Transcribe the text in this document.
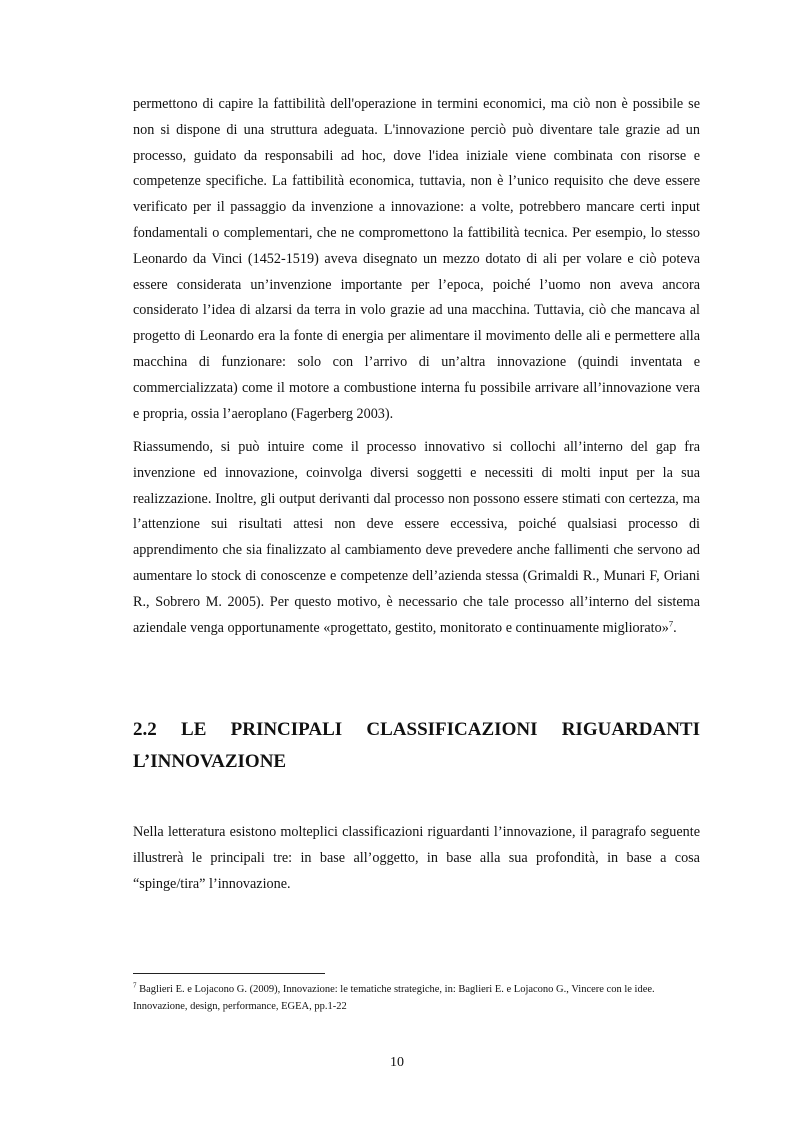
permettono di capire la fattibilità dell'operazione in termini economici, ma ciò non è possibile se non si dispone di una struttura adeguata. L'innovazione perciò può diventare tale grazie ad un processo, guidato da responsabili ad hoc, dove l'idea iniziale viene combinata con risorse e competenze specifiche. La fattibilità economica, tuttavia, non è l’unico requisito che deve essere verificato per il passaggio da invenzione a innovazione: a volte, potrebbero mancare certi input fondamentali o complementari, che ne compromettono la fattibilità tecnica. Per esempio, lo stesso Leonardo da Vinci (1452-1519) aveva disegnato un mezzo dotato di ali per volare e ciò poteva essere considerata un’invenzione importante per l’epoca, poiché l’uomo non aveva ancora considerato l’idea di alzarsi da terra in volo grazie ad una macchina. Tuttavia, ciò che mancava al progetto di Leonardo era la fonte di energia per alimentare il movimento delle ali e permettere alla macchina di funzionare: solo con l’arrivo di un’altra innovazione (quindi inventata e commercializzata) come il motore a combustione interna fu possibile arrivare all’innovazione vera e propria, ossia l’aeroplano (Fagerberg 2003).

Riassumendo, si può intuire come il processo innovativo si collochi all’interno del gap fra invenzione ed innovazione, coinvolga diversi soggetti e necessiti di molti input per la sua realizzazione. Inoltre, gli output derivanti dal processo non possono essere stimati con certezza, ma l’attenzione sui risultati attesi non deve essere eccessiva, poiché qualsiasi processo di apprendimento che sia finalizzato al cambiamento deve prevedere anche fallimenti che servono ad aumentare lo stock di conoscenze e competenze dell’azienda stessa (Grimaldi R., Munari F, Oriani R., Sobrero M. 2005). Per questo motivo, è necessario che tale processo all’interno del sistema aziendale venga opportunamente «progettato, gestito, monitorato e continuamente migliorato»$^7$.

2.2 LE PRINCIPALI CLASSIFICAZIONI RIGUARDANTI
L’INNOVAZIONE

Nella letteratura esistono molteplici classificazioni riguardanti l’innovazione, il paragrafo seguente illustrerà le principali tre: in base all’oggetto, in base alla sua profondità, in base a cosa “spinge/tira” l’innovazione.

$^7$ Baglieri E. e Lojacono G. (2009), Innovazione: le tematiche strategiche, in: Baglieri E. e Lojacono G., Vincere con le idee. Innovazione, design, performance, EGEA, pp.1-22

10
